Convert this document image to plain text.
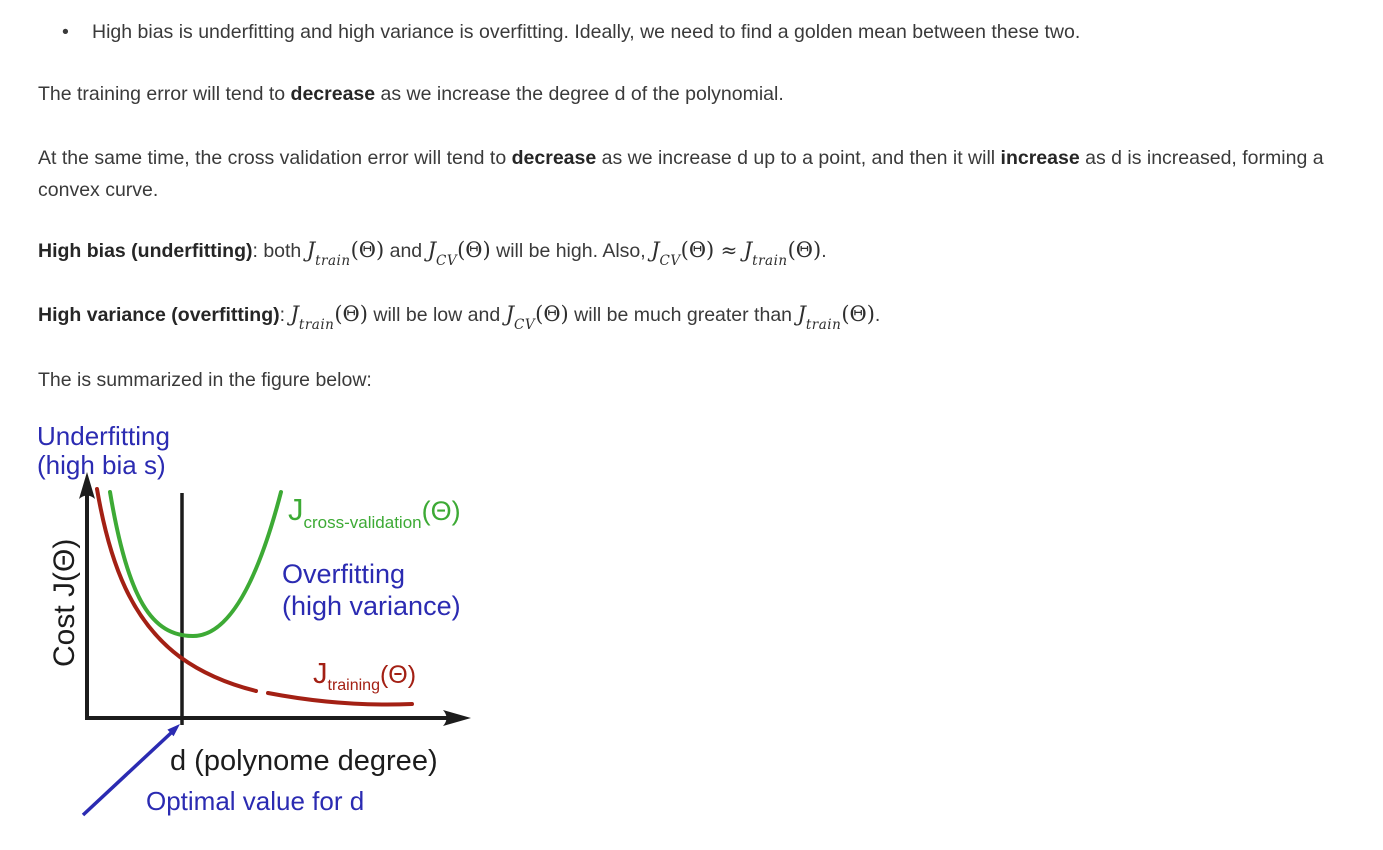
• High bias is underfitting and high variance is overfitting. Ideally, we need to find a golden mean between these two.

The training error will tend to decrease as we increase the degree d of the polynomial.

At the same time, the cross validation error will tend to decrease as we increase d up to a point, and then it will increase as d is increased, forming a convex curve.

High bias (underfitting): both $J_{train}(\Theta)$ and $J_{CV}(\Theta)$ will be high. Also, $J_{CV}(\Theta) \approx J_{train}(\Theta)$.

High variance (overfitting): $J_{train}(\Theta)$ will be low and $J_{CV}(\Theta)$ will be much greater than $J_{train}(\Theta)$.

The is summarized in the figure below:

Underfitting
(high bia s)
Cost J(Θ)
Jcross-validation(Θ)
Overfitting
(high variance)
Jtraining(Θ)
d (polynome degree)
Optimal value for d
